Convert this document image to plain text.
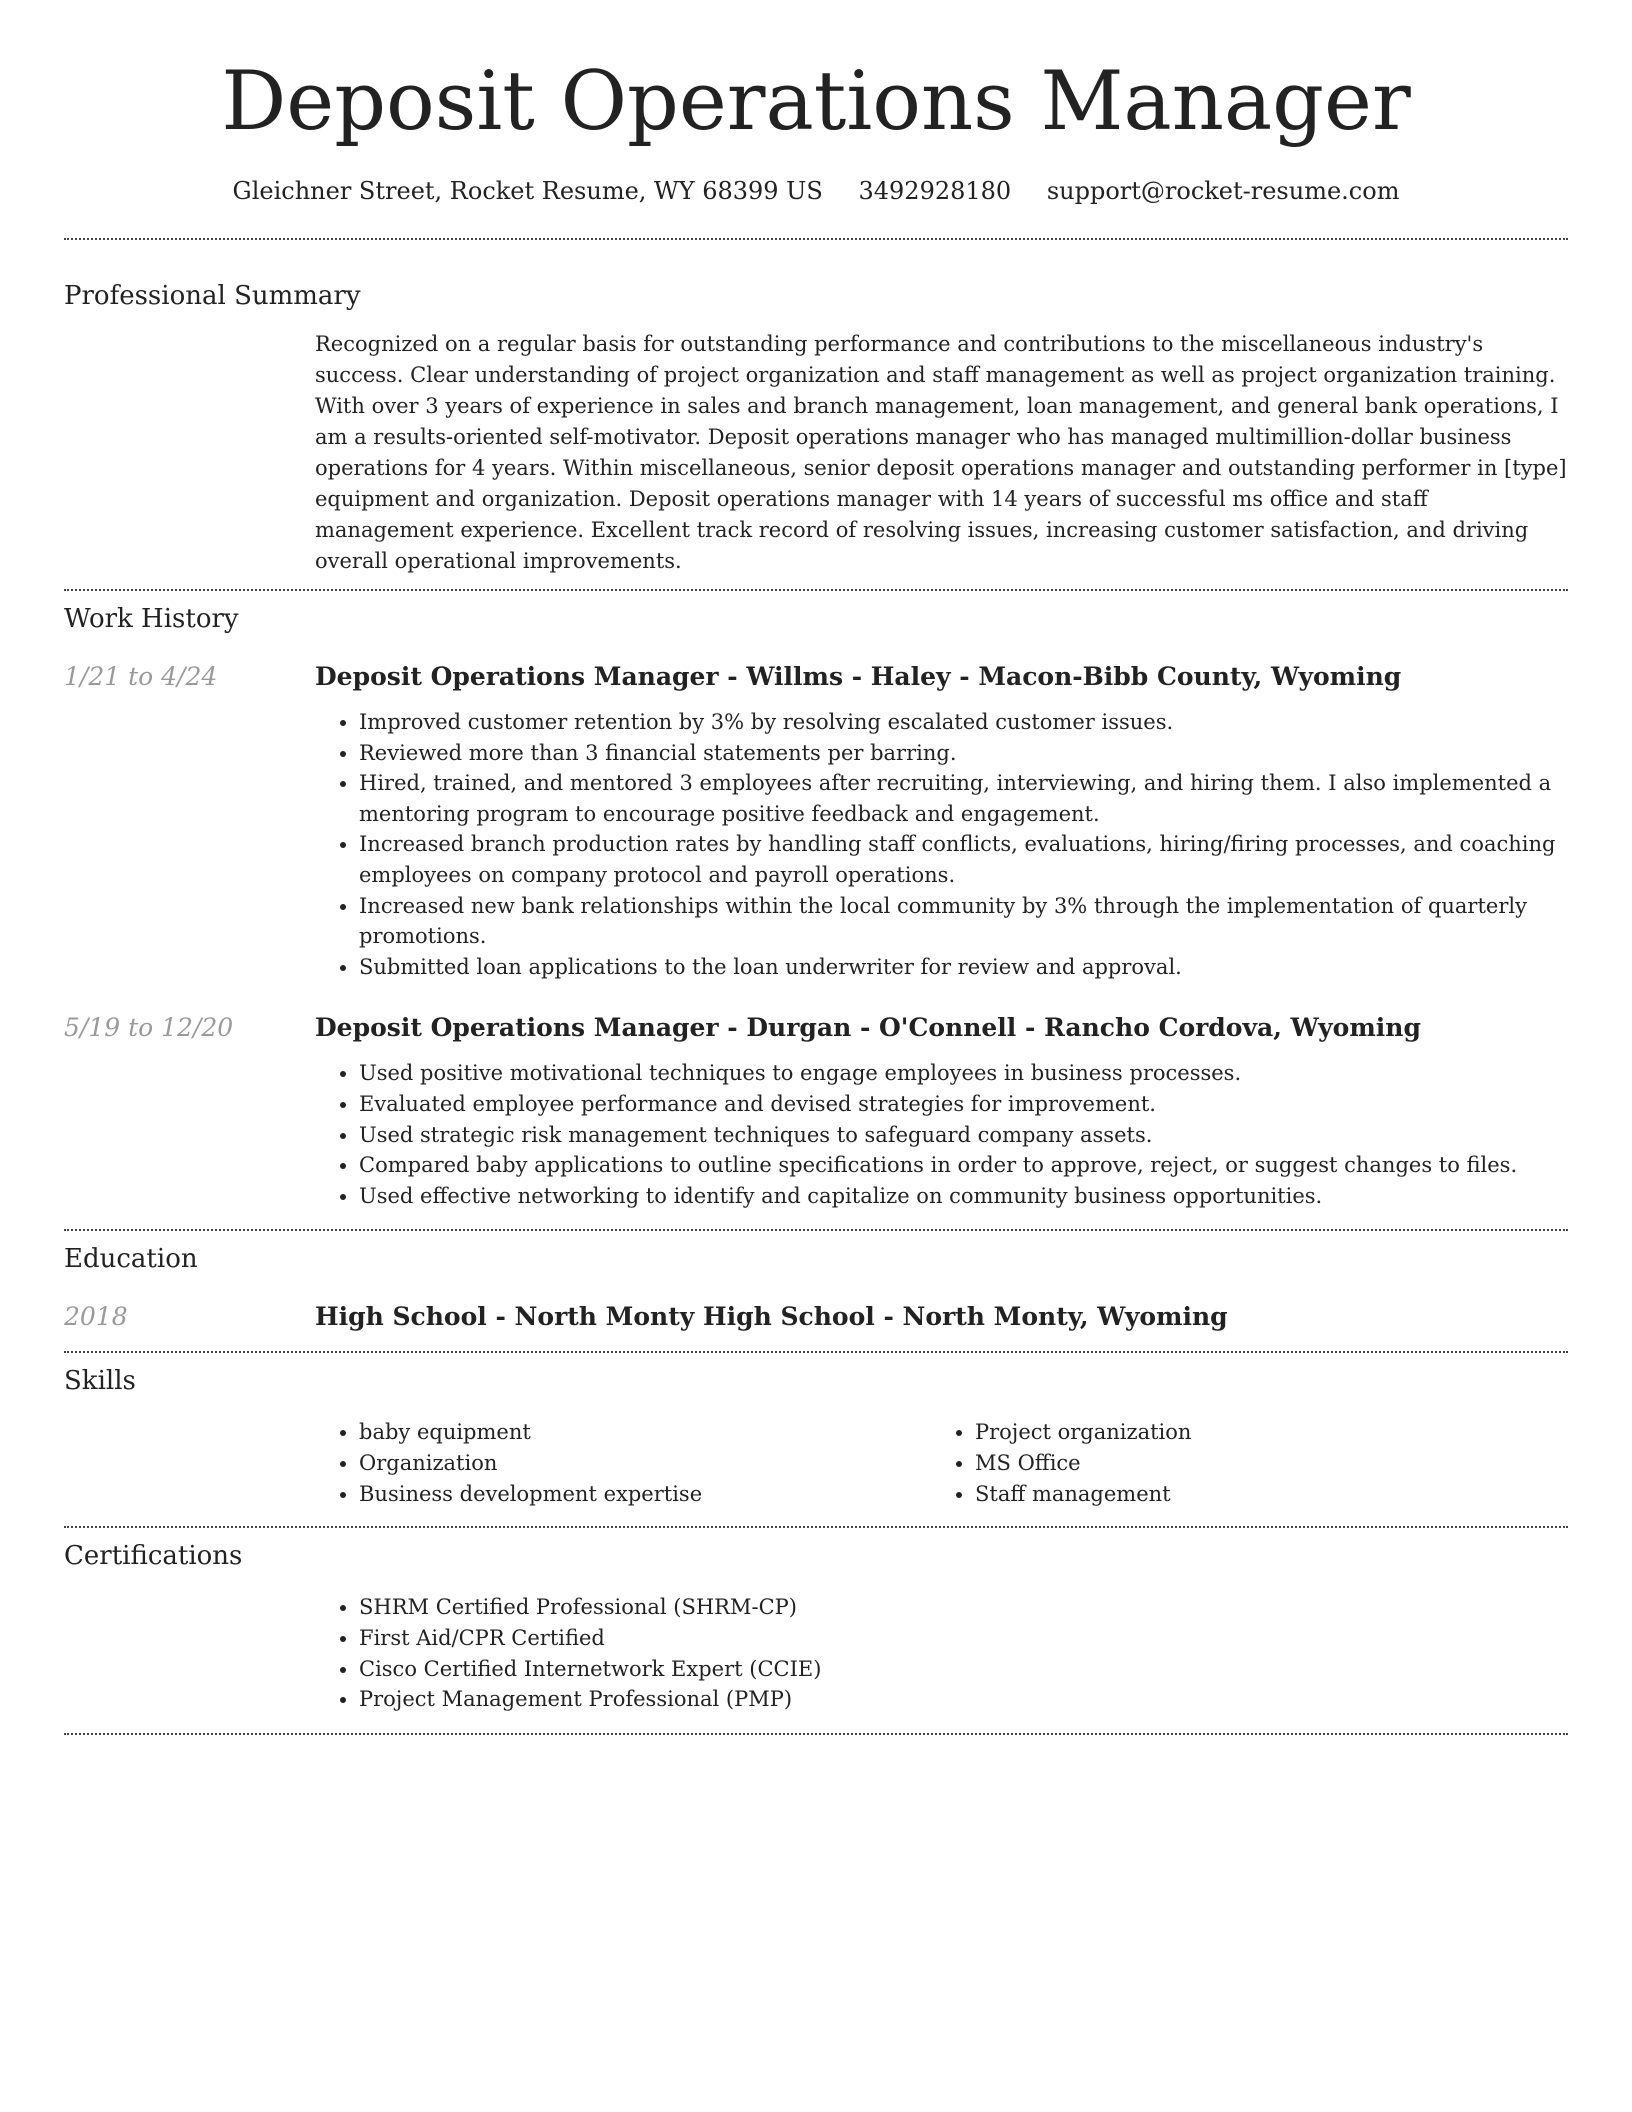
Deposit Operations Manager
Gleichner Street, Rocket Resume, WY 68399 US 3492928180 support@rocket-resume.com
Professional Summary

Recognized on a regular basis for outstanding performance and contributions to the miscellaneous industry's success. Clear understanding of project organization and staff management as well as project organization training. With over 3 years of experience in sales and branch management, loan management, and general bank operations, I am a results-oriented self-motivator. Deposit operations manager who has managed multimillion-dollar business operations for 4 years. Within miscellaneous, senior deposit operations manager and outstanding performer in [type] equipment and organization. Deposit operations manager with 14 years of successful ms office and staff management experience. Excellent track record of resolving issues, increasing customer satisfaction, and driving overall operational improvements.

Work History
1/21 to 4/24	Deposit Operations Manager - Willms - Haley - Macon-Bibb County, Wyoming
• Improved customer retention by 3% by resolving escalated customer issues.
• Reviewed more than 3 financial statements per barring.
• Hired, trained, and mentored 3 employees after recruiting, interviewing, and hiring them. I also implemented a mentoring program to encourage positive feedback and engagement.
• Increased branch production rates by handling staff conflicts, evaluations, hiring/firing processes, and coaching employees on company protocol and payroll operations.
• Increased new bank relationships within the local community by 3% through the implementation of quarterly promotions.
• Submitted loan applications to the loan underwriter for review and approval.
5/19 to 12/20	Deposit Operations Manager - Durgan - O'Connell - Rancho Cordova, Wyoming
• Used positive motivational techniques to engage employees in business processes.
• Evaluated employee performance and devised strategies for improvement.
• Used strategic risk management techniques to safeguard company assets.
• Compared baby applications to outline specifications in order to approve, reject, or suggest changes to files.
• Used effective networking to identify and capitalize on community business opportunities.
Education
2018	High School - North Monty High School - North Monty, Wyoming
Skills
• baby equipment
• Organization
• Business development expertise
• Project organization
• MS Office
• Staff management
Certifications
• SHRM Certified Professional (SHRM-CP)
• First Aid/CPR Certified
• Cisco Certified Internetwork Expert (CCIE)
• Project Management Professional (PMP)
